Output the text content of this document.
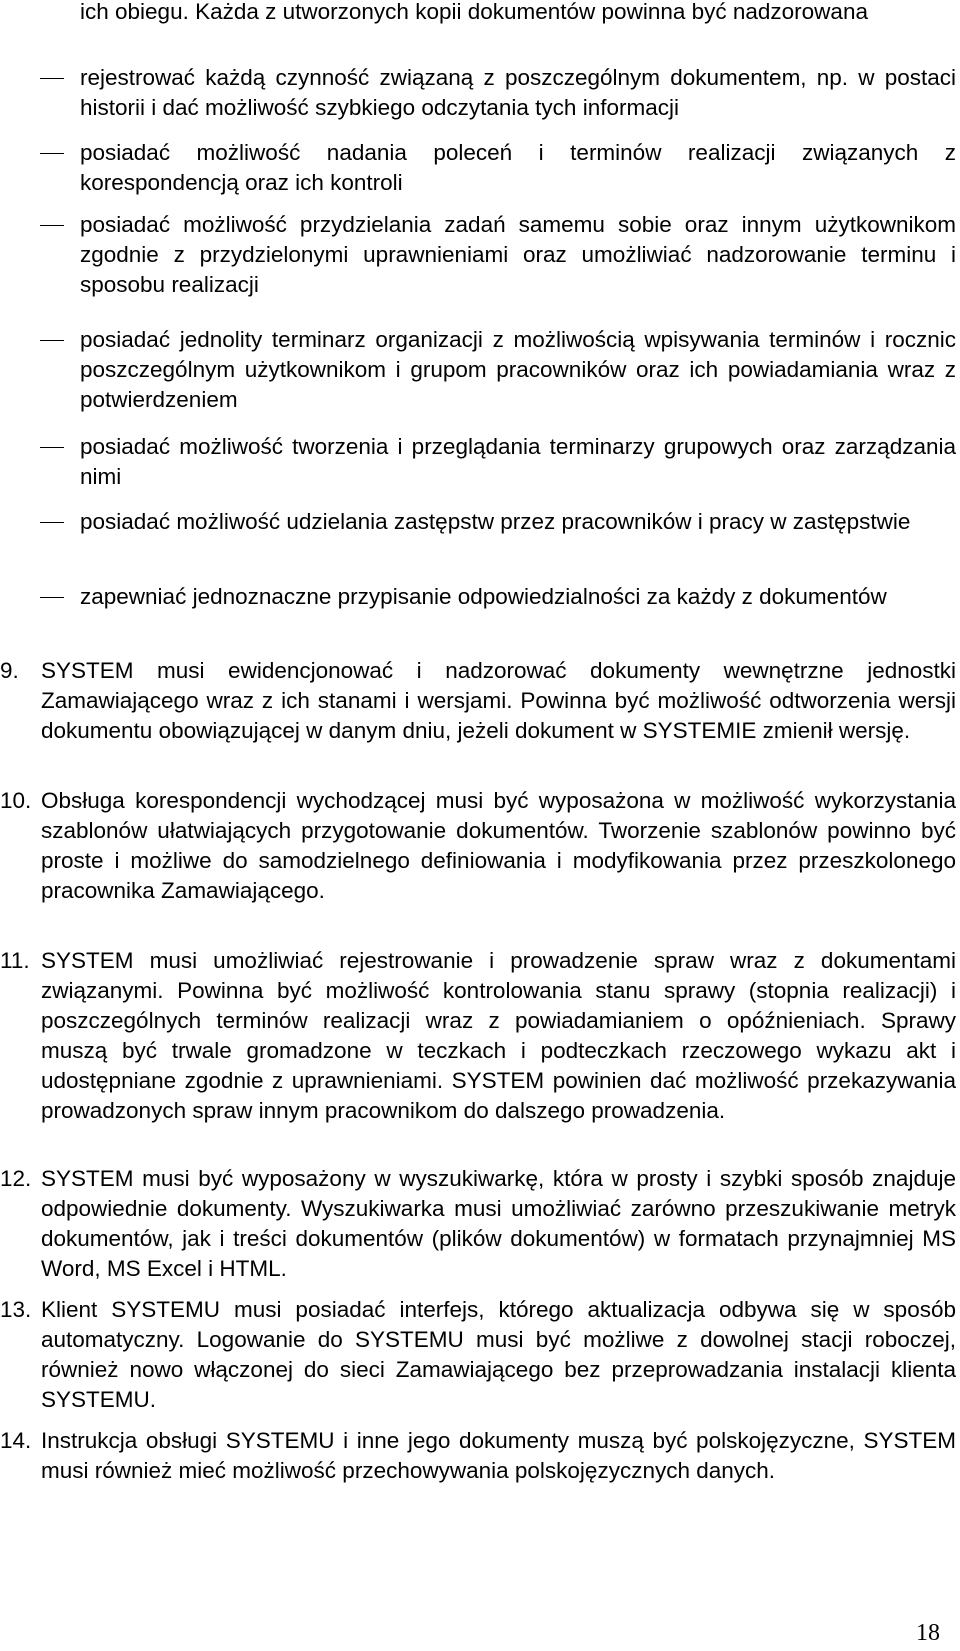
ich obiegu. Każda z utworzonych kopii dokumentów powinna być nadzorowana

rejestrować każdą czynność związaną z poszczególnym dokumentem, np. w postaci historii i dać możliwość szybkiego odczytania tych informacji

posiadać możliwość nadania poleceń i terminów realizacji związanych z korespondencją oraz ich kontroli

posiadać możliwość przydzielania zadań samemu sobie oraz innym użytkownikom zgodnie z przydzielonymi uprawnieniami oraz umożliwiać nadzorowanie terminu i sposobu realizacji

posiadać jednolity terminarz organizacji z możliwością wpisywania terminów i rocznic poszczególnym użytkownikom i grupom pracowników oraz ich powiadamiania wraz z potwierdzeniem

posiadać możliwość tworzenia i przeglądania terminarzy grupowych oraz zarządzania nimi

posiadać możliwość udzielania zastępstw przez pracowników i pracy w zastępstwie

zapewniać jednoznaczne przypisanie odpowiedzialności za każdy z dokumentów

9. SYSTEM musi ewidencjonować i nadzorować dokumenty wewnętrzne jednostki Zamawiającego wraz z ich stanami i wersjami. Powinna być możliwość odtworzenia wersji dokumentu obowiązującej w danym dniu, jeżeli dokument w SYSTEMIE zmienił wersję.

10. Obsługa korespondencji wychodzącej musi być wyposażona w możliwość wykorzystania szablonów ułatwiających przygotowanie dokumentów. Tworzenie szablonów powinno być proste i możliwe do samodzielnego definiowania i modyfikowania przez przeszkolonego pracownika Zamawiającego.

11. SYSTEM musi umożliwiać rejestrowanie i prowadzenie spraw wraz z dokumentami związanymi. Powinna być możliwość kontrolowania stanu sprawy (stopnia realizacji) i poszczególnych terminów realizacji wraz z powiadamianiem o opóźnieniach. Sprawy muszą być trwale gromadzone w teczkach i podteczkach rzeczowego wykazu akt i udostępniane zgodnie z uprawnieniami. SYSTEM powinien dać możliwość przekazywania prowadzonych spraw innym pracownikom do dalszego prowadzenia.

12. SYSTEM musi być wyposażony w wyszukiwarkę, która w prosty i szybki sposób znajduje odpowiednie dokumenty. Wyszukiwarka musi umożliwiać zarówno przeszukiwanie metryk dokumentów, jak i treści dokumentów (plików dokumentów) w formatach przynajmniej MS Word, MS Excel i HTML.

13. Klient SYSTEMU musi posiadać interfejs, którego aktualizacja odbywa się w sposób automatyczny. Logowanie do SYSTEMU musi być możliwe z dowolnej stacji roboczej, również nowo włączonej do sieci Zamawiającego bez przeprowadzania instalacji klienta SYSTEMU.

14. Instrukcja obsługi SYSTEMU i inne jego dokumenty muszą być polskojęzyczne, SYSTEM musi również mieć możliwość przechowywania polskojęzycznych danych.

18
